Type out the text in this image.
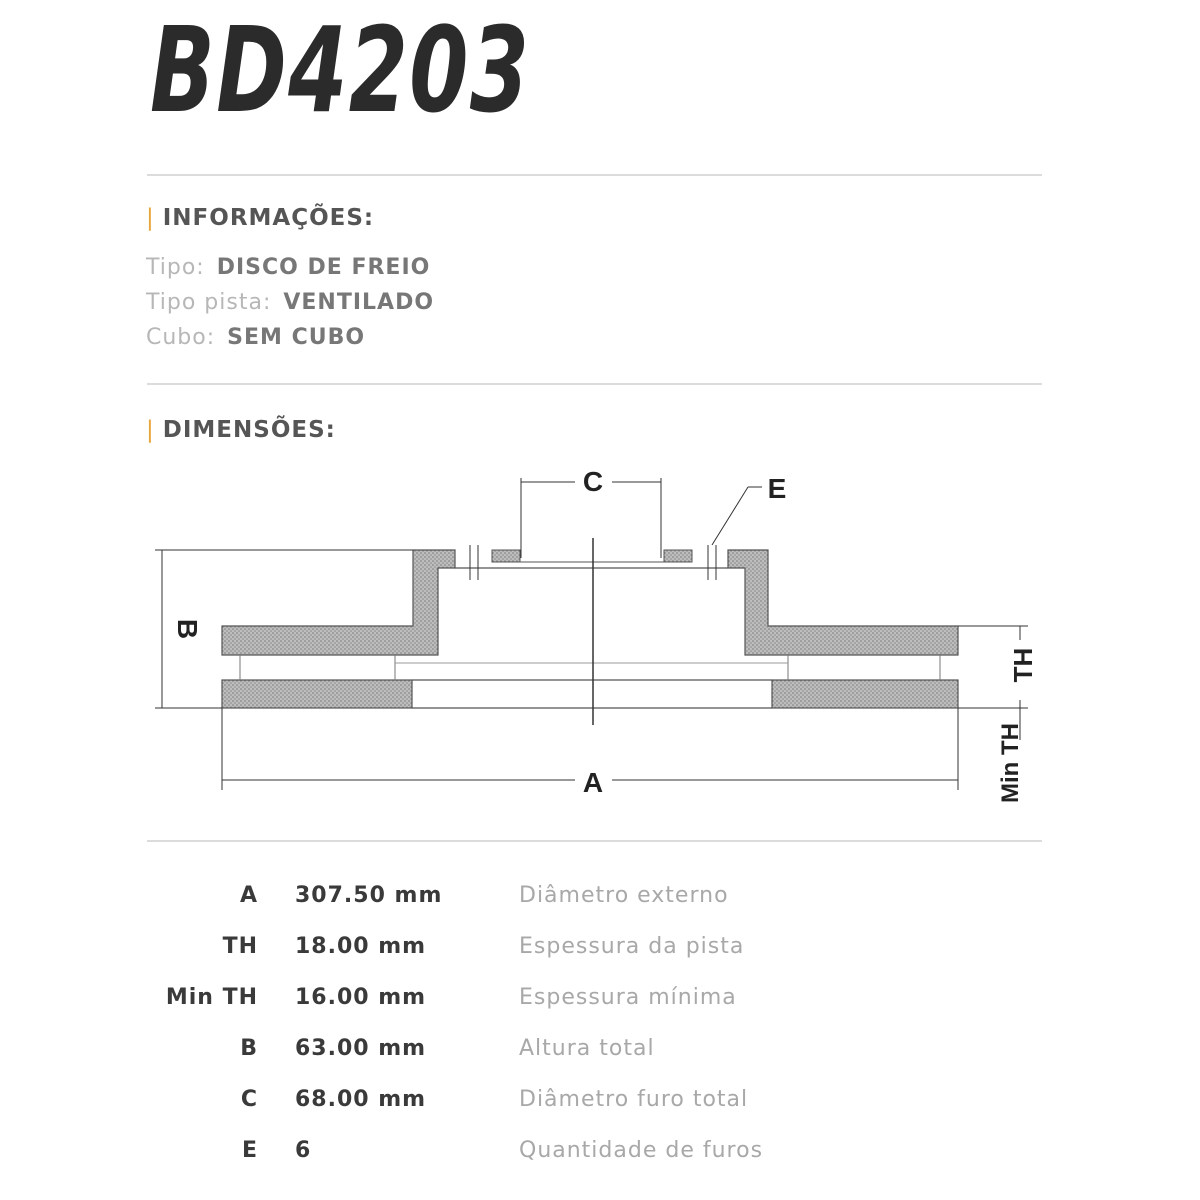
BD4203
| INFORMAÇÕES:
Tipo: DISCO DE FREIO
Tipo pista: VENTILADO
Cubo: SEM CUBO
| DIMENSÕES:
C	E
B
A
TH
Min TH
A 307.50 mm	Diâmetro externo
TH 18.00 mm	Espessura da pista
Min TH 16.00 mm	Espessura mínima
B 63.00 mm	Altura total
C 68.00 mm	Diâmetro furo total
E 6	Quantidade de furos
